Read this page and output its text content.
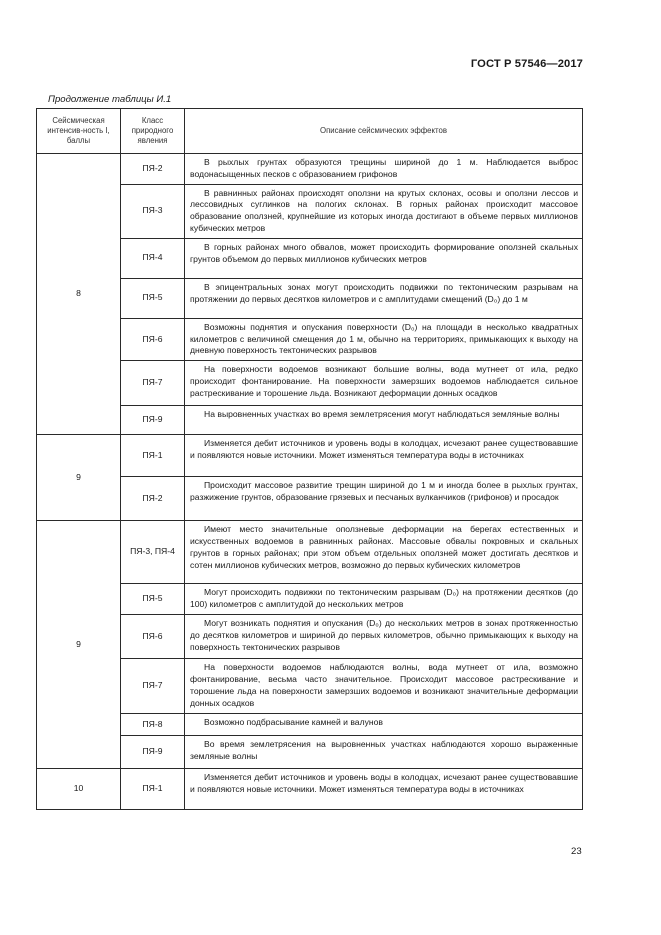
ГОСТ Р 57546—2017
Продолжение таблицы И.1
Сейсмическая интенсив-ность I, баллы	Класс природного явления	Описание сейсмических эффектов
8	ПЯ-2	В рыхлых грунтах образуются трещины шириной до 1 м. Наблюдается выброс водонасыщенных песков с образованием грифонов

	ПЯ-3	В равнинных районах происходят оползни на крутых склонах, осовы и оползни лессов и лессовидных суглинков на пологих склонах. В горных районах происходит массовое образование оползней, крупнейшие из которых иногда достигают в объеме первых миллионов кубических метров

	ПЯ-4	В горных районах много обвалов, может происходить формирование оползней скальных грунтов объемом до первых миллионов кубических метров

	ПЯ-5	В эпицентральных зонах могут происходить подвижки по тектоническим разрывам на протяжении до первых десятков километров и с амплитудами смещений (D₀) до 1 м

	ПЯ-6	Возможны поднятия и опускания поверхности (D₀) на площади в несколько квадратных километров с величиной смещения до 1 м, обычно на территориях, примыкающих к выходу на дневную поверхность тектонических разрывов

	ПЯ-7	На поверхности водоемов возникают большие волны, вода мутнеет от ила, редко происходит фонтанирование. На поверхности замерзших водоемов наблюдается сильное растрескивание и торошение льда. Возникают деформации донных осадков

	ПЯ-9	На выровненных участках во время землетрясения могут наблюдаться земляные волны

9	ПЯ-1	Изменяется дебит источников и уровень воды в колодцах, исчезают ранее существовавшие и появляются новые источники. Может изменяться температура воды в источниках

	ПЯ-2	Происходит массовое развитие трещин шириной до 1 м и иногда более в рыхлых грунтах, разжижение грунтов, образование грязевых и песчаных вулканчиков (грифонов) и просадок

9	ПЯ-3, ПЯ-4	Имеют место значительные оползневые деформации на берегах естественных и искусственных водоемов в равнинных районах. Массовые обвалы покровных и скальных грунтов в горных районах; при этом объем отдельных оползней может достигать десятков и сотен миллионов кубических метров, возможно до первых кубических километров

	ПЯ-5	Могут происходить подвижки по тектоническим разрывам (D₀) на протяжении десятков (до 100) километров с амплитудой до нескольких метров

	ПЯ-6	Могут возникать поднятия и опускания (D₀) до нескольких метров в зонах протяженностью до десятков километров и шириной до первых километров, обычно примыкающих к выходу на поверхность тектонических разрывов

	ПЯ-7	На поверхности водоемов наблюдаются волны, вода мутнеет от ила, возможно фонтанирование, весьма часто значительное. Происходит массовое растрескивание и торошение льда на поверхности замерзших водоемов и возникают значительные деформации донных осадков

	ПЯ-8	Возможно подбрасывание камней и валунов

	ПЯ-9	Во время землетрясения на выровненных участках наблюдаются хорошо выраженные земляные волны

10	ПЯ-1	Изменяется дебит источников и уровень воды в колодцах, исчезают ранее существовавшие и появляются новые источники. Может изменяться температура воды в источниках
23
